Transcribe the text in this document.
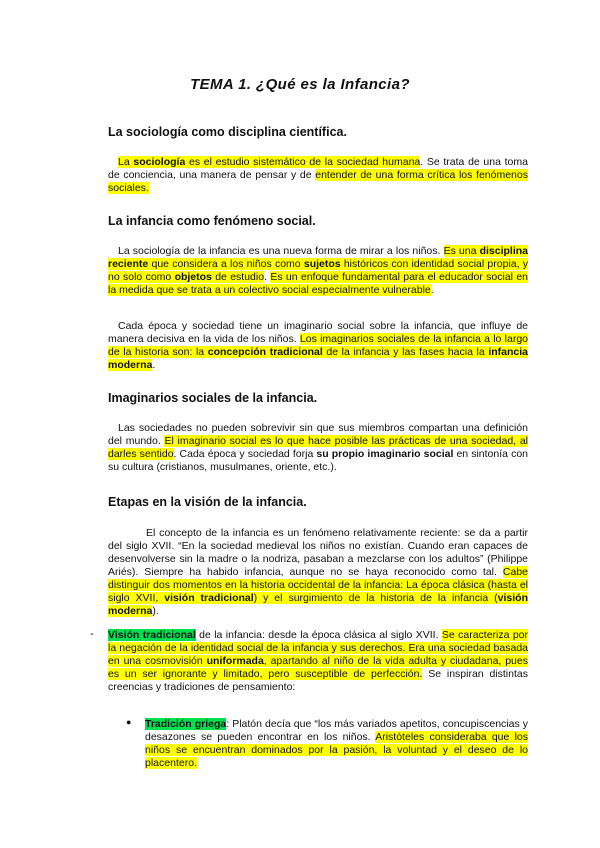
TEMA 1. ¿Qué es la Infancia?
La sociología como disciplina científica.

La sociología es el estudio sistemático de la sociedad humana. Se trata de una toma de conciencia, una manera de pensar y de entender de una forma crítica los fenómenos sociales.

La infancia como fenómeno social.

La sociología de la infancia es una nueva forma de mirar a los niños. Es una disciplina reciente que considera a los niños como sujetos históricos con identidad social propia, y no solo como objetos de estudio. Es un enfoque fundamental para el educador social en la medida que se trata a un colectivo social especialmente vulnerable.

Cada época y sociedad tiene un imaginario social sobre la infancia, que influye de manera decisiva en la vida de los niños. Los imaginarios sociales de la infancia a lo largo de la historia son: la concepción tradicional de la infancia y las fases hacia la infancia moderna.

Imaginarios sociales de la infancia.

Las sociedades no pueden sobrevivir sin que sus miembros compartan una definición del mundo. El imaginario social es lo que hace posible las prácticas de una sociedad, al darles sentido. Cada época y sociedad forja su propio imaginario social en sintonía con su cultura (cristianos, musulmanes, oriente, etc.).

Etapas en la visión de la infancia.

El concepto de la infancia es un fenómeno relativamente reciente: se da a partir del siglo XVII. “En la sociedad medieval los niños no existían. Cuando eran capaces de desenvolverse sin la madre o la nodriza, pasaban a mezclarse con los adultos” (Philippe Ariés). Siempre ha habido infancia, aunque no se haya reconocido como tal. Cabe distinguir dos momentos en la historia occidental de la infancia: La época clásica (hasta el siglo XVII, visión tradicional) y el surgimiento de la historia de la infancia (visión moderna).

- Visión tradicional de la infancia: desde la época clásica al siglo XVII. Se caracteriza por la negación de la identidad social de la infancia y sus derechos. Era una sociedad basada en una cosmovisión uniformada, apartando al niño de la vida adulta y ciudadana, pues es un ser ignorante y limitado, pero susceptible de perfección. Se inspiran distintas creencias y tradiciones de pensamiento:

● Tradición griega: Platón decía que “los más variados apetitos, concupiscencias y desazones se pueden encontrar en los niños. Aristóteles consideraba que los niños se encuentran dominados por la pasión, la voluntad y el deseo de lo placentero.
